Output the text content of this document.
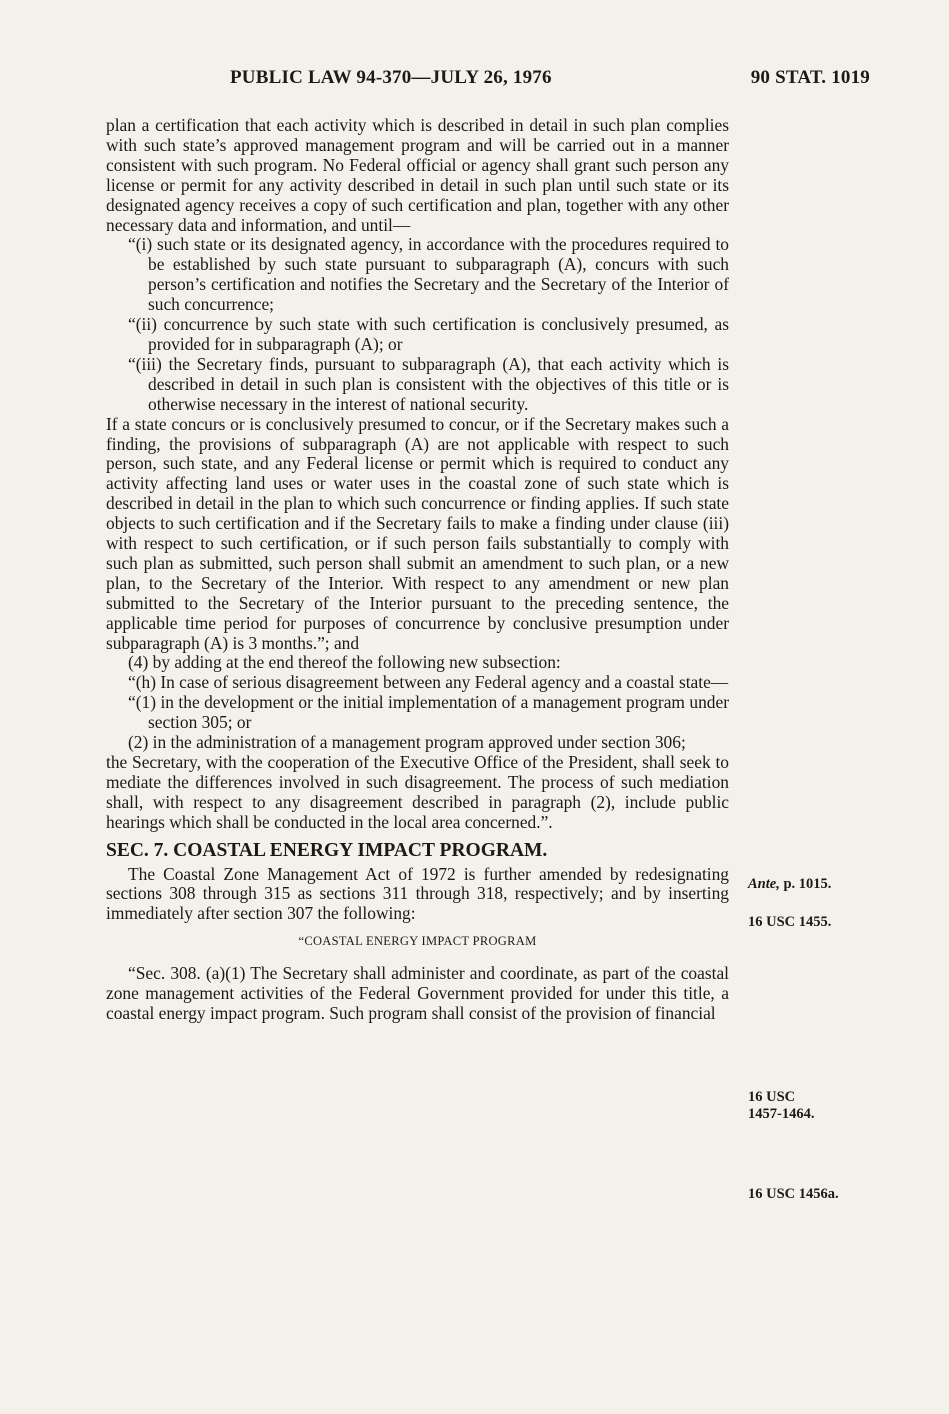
PUBLIC LAW 94-370—JULY 26, 1976	90 STAT. 1019

plan a certification that each activity which is described in detail in such plan complies with such state’s approved management program and will be carried out in a manner consistent with such program. No Federal official or agency shall grant such person any license or permit for any activity described in detail in such plan until such state or its designated agency receives a copy of such certification and plan, together with any other necessary data and information, and until—

“(i) such state or its designated agency, in accordance with the procedures required to be established by such state pursuant to subparagraph (A), concurs with such person’s certification and notifies the Secretary and the Secretary of the Interior of such concurrence;

“(ii) concurrence by such state with such certification is conclusively presumed, as provided for in subparagraph (A); or

“(iii) the Secretary finds, pursuant to subparagraph (A), that each activity which is described in detail in such plan is consistent with the objectives of this title or is otherwise necessary in the interest of national security.

If a state concurs or is conclusively presumed to concur, or if the Secretary makes such a finding, the provisions of subparagraph (A) are not applicable with respect to such person, such state, and any Federal license or permit which is required to conduct any activity affecting land uses or water uses in the coastal zone of such state which is described in detail in the plan to which such concurrence or finding applies. If such state objects to such certification and if the Secretary fails to make a finding under clause (iii) with respect to such certification, or if such person fails substantially to comply with such plan as submitted, such person shall submit an amendment to such plan, or a new plan, to the Secretary of the Interior. With respect to any amendment or new plan submitted to the Secretary of the Interior pursuant to the preceding sentence, the applicable time period for purposes of concurrence by conclusive presumption under subparagraph (A) is 3 months.”; and

(4) by adding at the end thereof the following new subsection:

“(h) In case of serious disagreement between any Federal agency and a coastal state—

“(1) in the development or the initial implementation of a management program under section 305; or

(2) in the administration of a management program approved under section 306;

the Secretary, with the cooperation of the Executive Office of the President, shall seek to mediate the differences involved in such disagreement. The process of such mediation shall, with respect to any disagreement described in paragraph (2), include public hearings which shall be conducted in the local area concerned.”.

SEC. 7. COASTAL ENERGY IMPACT PROGRAM.

The Coastal Zone Management Act of 1972 is further amended by redesignating sections 308 through 315 as sections 311 through 318, respectively; and by inserting immediately after section 307 the following:

“COASTAL ENERGY IMPACT PROGRAM

“Sec. 308. (a)(1) The Secretary shall administer and coordinate, as part of the coastal zone management activities of the Federal Government provided for under this title, a coastal energy impact program. Such program shall consist of the provision of financial

Ante, p. 1015.
16 USC 1455.
16 USC
1457-1464.
16 USC 1456a.
